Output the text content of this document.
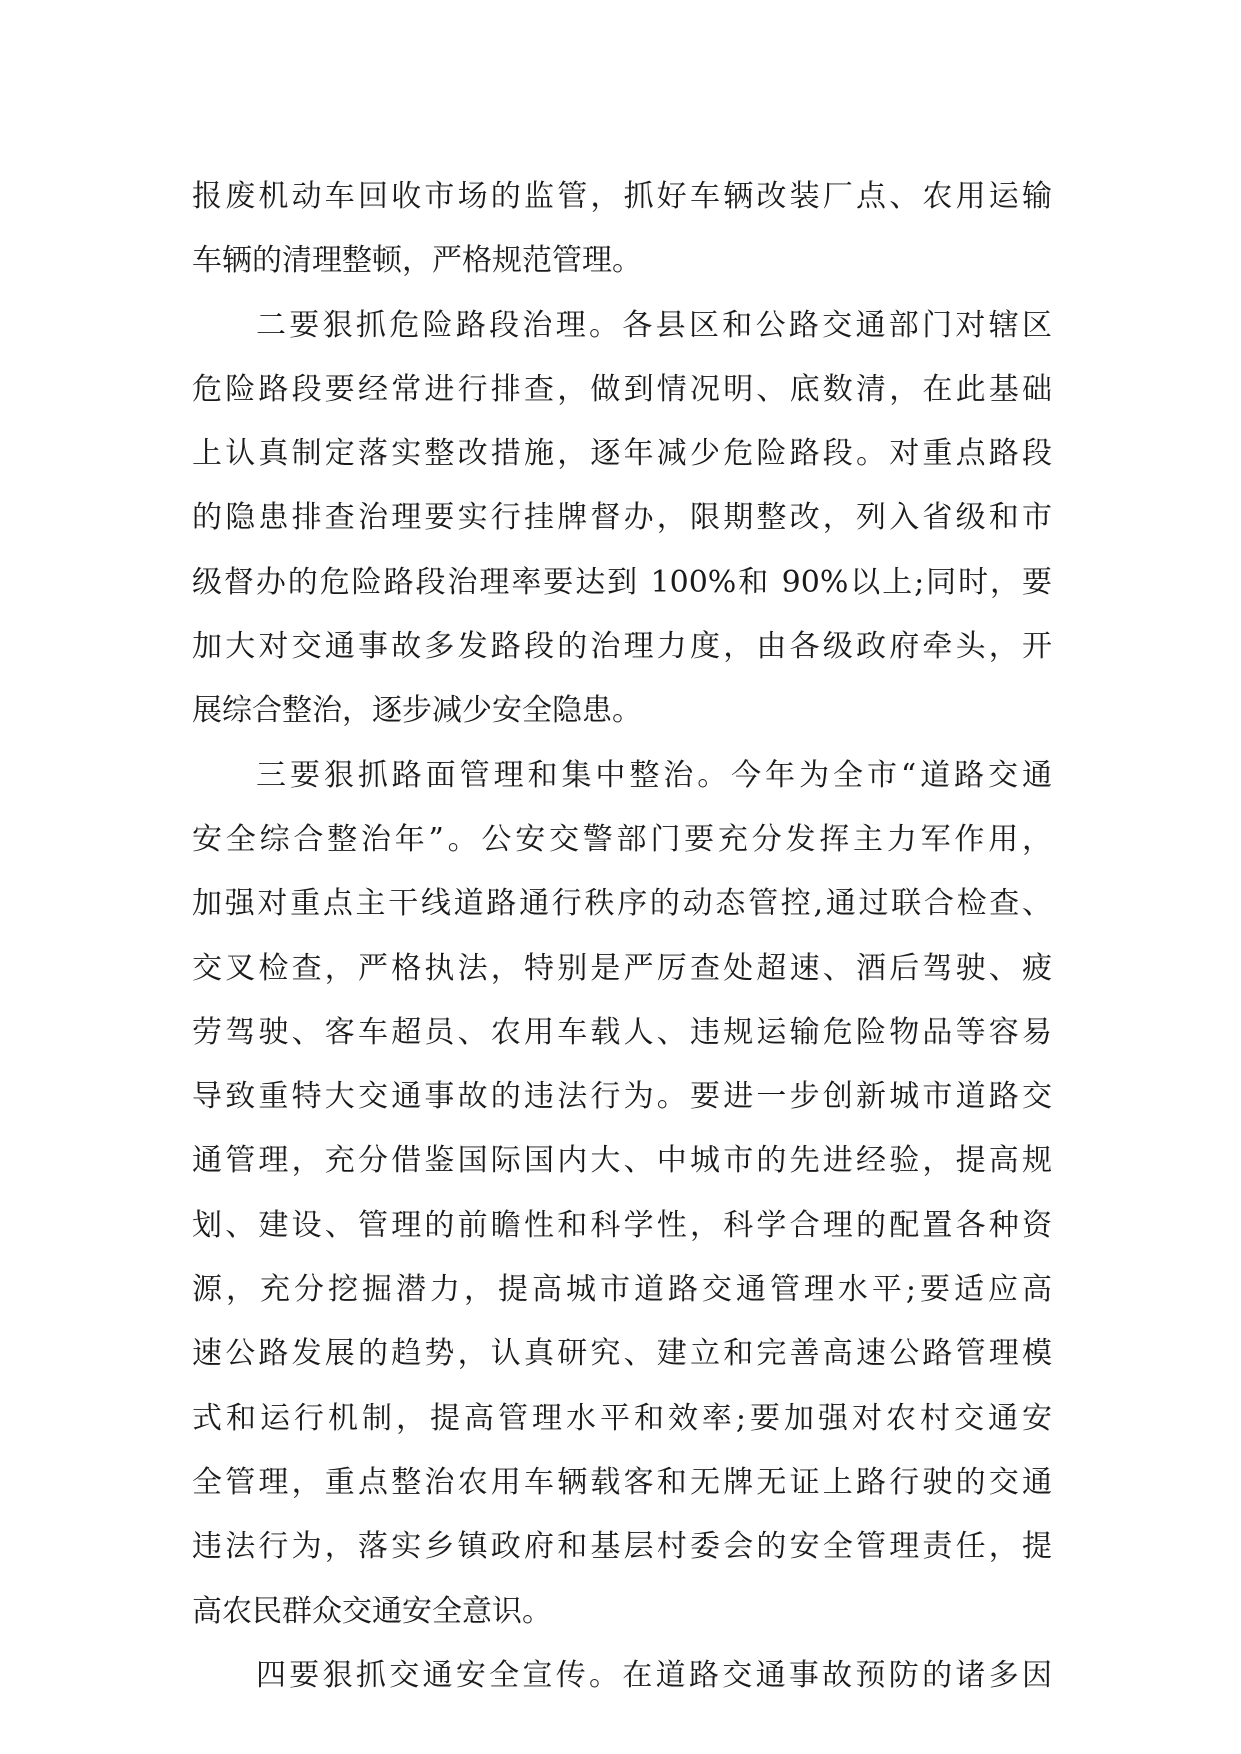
报废机动车回收市场的监管，抓好车辆改装厂点、农用运输
车辆的清理整顿，严格规范管理。
二要狠抓危险路段治理。各县区和公路交通部门对辖区
危险路段要经常进行排查，做到情况明、底数清，在此基础
上认真制定落实整改措施，逐年减少危险路段。对重点路段
的隐患排查治理要实行挂牌督办，限期整改，列入省级和市
级督办的危险路段治理率要达到 100%和 90%以上;同时，要
加大对交通事故多发路段的治理力度，由各级政府牵头，开
展综合整治，逐步减少安全隐患。
三要狠抓路面管理和集中整治。今年为全市“道路交通
安全综合整治年”。公安交警部门要充分发挥主力军作用，
加强对重点主干线道路通行秩序的动态管控,通过联合检查、
交叉检查，严格执法，特别是严厉查处超速、酒后驾驶、疲
劳驾驶、客车超员、农用车载人、违规运输危险物品等容易
导致重特大交通事故的违法行为。要进一步创新城市道路交
通管理，充分借鉴国际国内大、中城市的先进经验，提高规
划、建设、管理的前瞻性和科学性，科学合理的配置各种资
源，充分挖掘潜力，提高城市道路交通管理水平;要适应高
速公路发展的趋势，认真研究、建立和完善高速公路管理模
式和运行机制，提高管理水平和效率;要加强对农村交通安
全管理，重点整治农用车辆载客和无牌无证上路行驶的交通
违法行为，落实乡镇政府和基层村委会的安全管理责任，提
高农民群众交通安全意识。
四要狠抓交通安全宣传。在道路交通事故预防的诸多因
